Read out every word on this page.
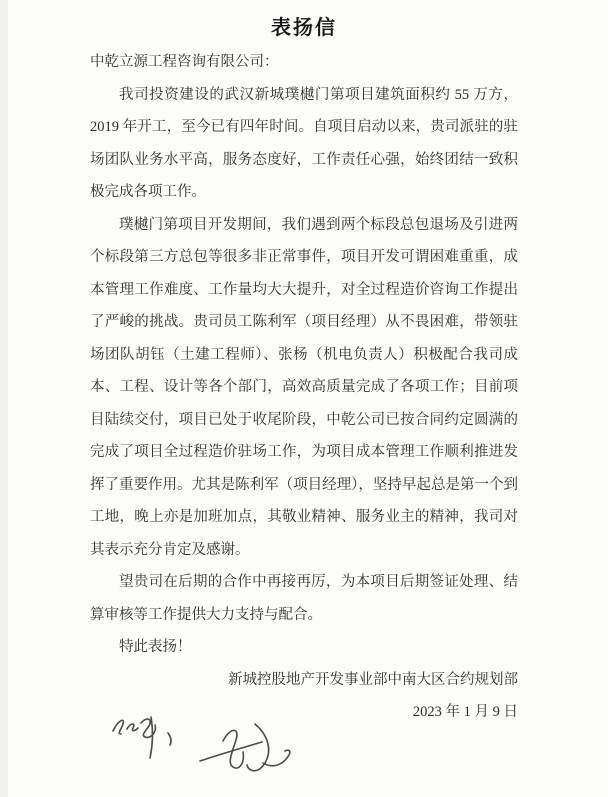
表扬信

中乾立源工程咨询有限公司：

我司投资建设的武汉新城璞樾门第项目建筑面积约 55 万方，2019 年开工，至今已有四年时间。自项目启动以来，贵司派驻的驻场团队业务水平高，服务态度好，工作责任心强，始终团结一致积极完成各项工作。

璞樾门第项目开发期间，我们遇到两个标段总包退场及引进两个标段第三方总包等很多非正常事件，项目开发可谓困难重重，成本管理工作难度、工作量均大大提升，对全过程造价咨询工作提出了严峻的挑战。贵司员工陈利军（项目经理）从不畏困难，带领驻场团队胡钰（土建工程师）、张杨（机电负责人）积极配合我司成本、工程、设计等各个部门，高效高质量完成了各项工作；目前项目陆续交付，项目已处于收尾阶段，中乾公司已按合同约定圆满的完成了项目全过程造价驻场工作，为项目成本管理工作顺利推进发挥了重要作用。尤其是陈利军（项目经理），坚持早起总是第一个到工地，晚上亦是加班加点，其敬业精神、服务业主的精神，我司对其表示充分肯定及感谢。

望贵司在后期的合作中再接再厉，为本项目后期签证处理、结算审核等工作提供大力支持与配合。

特此表扬！

新城控股地产开发事业部中南大区合约规划部

2023 年 1 月 9 日
